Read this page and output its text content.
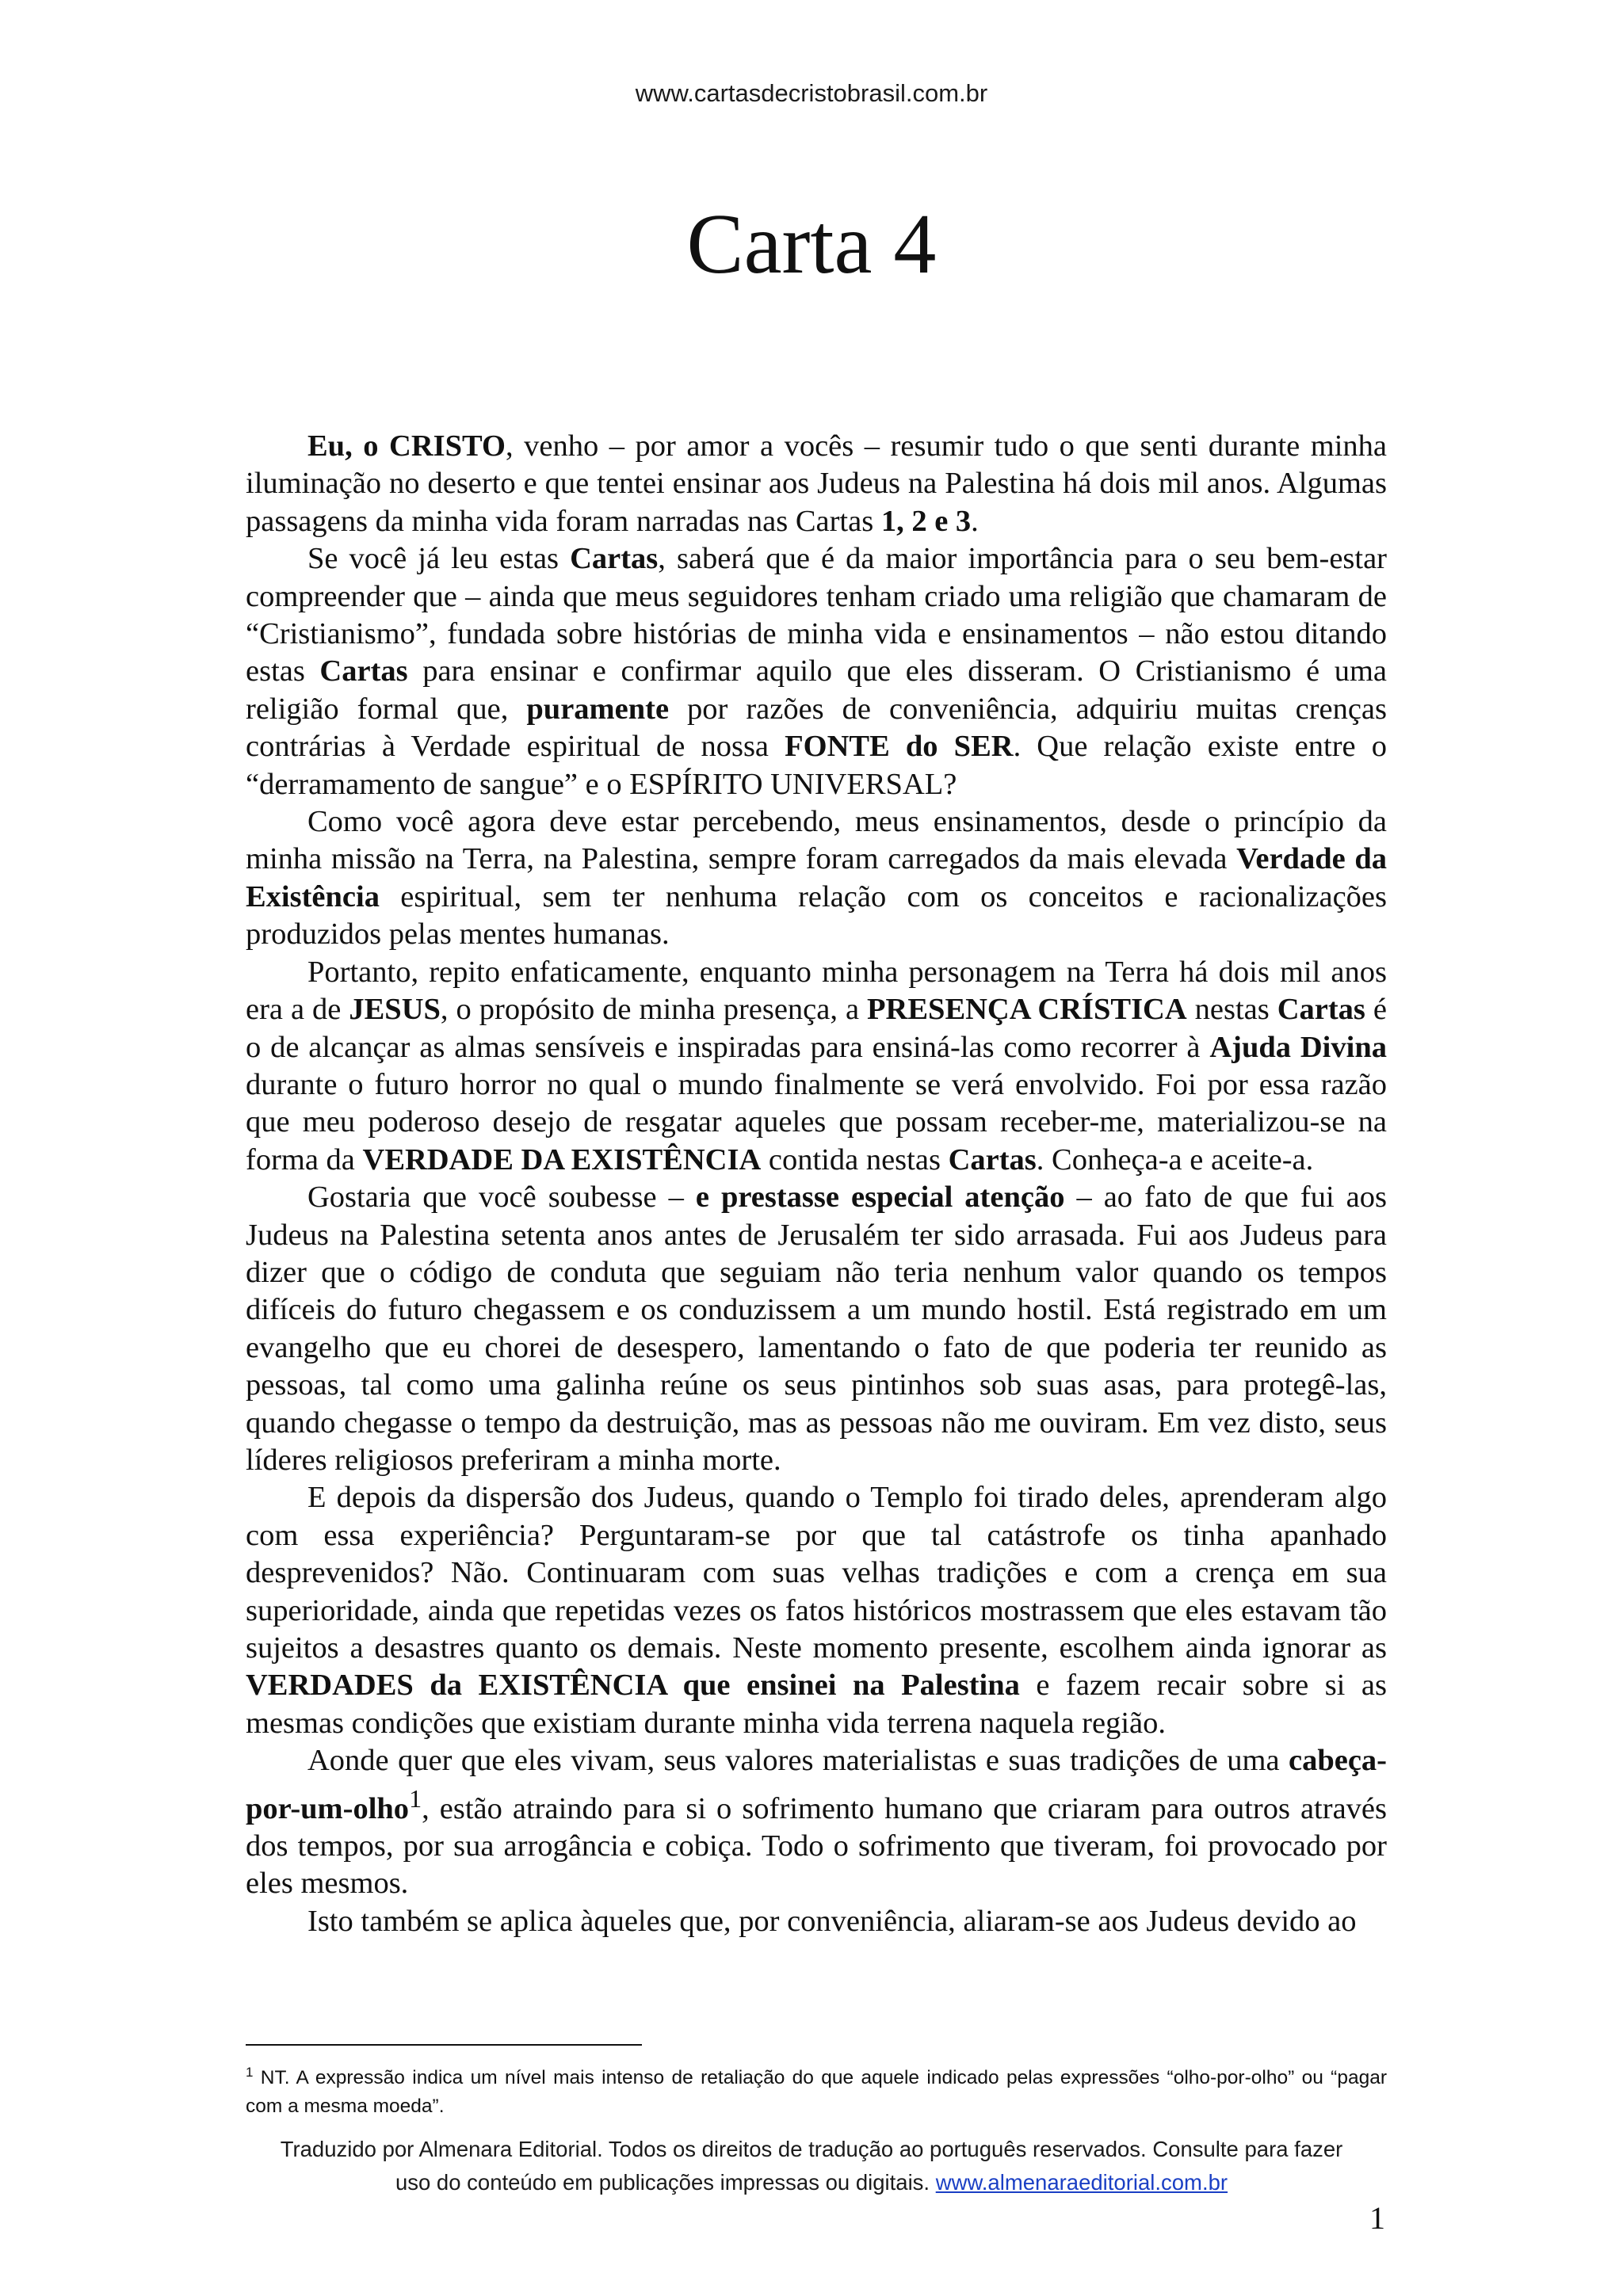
www.cartasdecristobrasil.com.br
Carta 4

Eu, o CRISTO, venho – por amor a vocês – resumir tudo o que senti durante minha iluminação no deserto e que tentei ensinar aos Judeus na Palestina há dois mil anos. Algumas passagens da minha vida foram narradas nas Cartas 1, 2 e 3.

Se você já leu estas Cartas, saberá que é da maior importância para o seu bem-estar compreender que – ainda que meus seguidores tenham criado uma religião que chamaram de “Cristianismo”, fundada sobre histórias de minha vida e ensinamentos – não estou ditando estas Cartas para ensinar e confirmar aquilo que eles disseram. O Cristianismo é uma religião formal que, puramente por razões de conveniência, adquiriu muitas crenças contrárias à Verdade espiritual de nossa FONTE do SER. Que relação existe entre o “derramamento de sangue” e o ESPÍRITO UNIVERSAL?

Como você agora deve estar percebendo, meus ensinamentos, desde o princípio da minha missão na Terra, na Palestina, sempre foram carregados da mais elevada Verdade da Existência espiritual, sem ter nenhuma relação com os conceitos e racionalizações produzidos pelas mentes humanas.

Portanto, repito enfaticamente, enquanto minha personagem na Terra há dois mil anos era a de JESUS, o propósito de minha presença, a PRESENÇA CRÍSTICA nestas Cartas é o de alcançar as almas sensíveis e inspiradas para ensiná-las como recorrer à Ajuda Divina durante o futuro horror no qual o mundo finalmente se verá envolvido. Foi por essa razão que meu poderoso desejo de resgatar aqueles que possam receber-me, materializou-se na forma da VERDADE DA EXISTÊNCIA contida nestas Cartas. Conheça-a e aceite-a.

Gostaria que você soubesse – e prestasse especial atenção – ao fato de que fui aos Judeus na Palestina setenta anos antes de Jerusalém ter sido arrasada. Fui aos Judeus para dizer que o código de conduta que seguiam não teria nenhum valor quando os tempos difíceis do futuro chegassem e os conduzissem a um mundo hostil. Está registrado em um evangelho que eu chorei de desespero, lamentando o fato de que poderia ter reunido as pessoas, tal como uma galinha reúne os seus pintinhos sob suas asas, para protegê-las, quando chegasse o tempo da destruição, mas as pessoas não me ouviram. Em vez disto, seus líderes religiosos preferiram a minha morte.

E depois da dispersão dos Judeus, quando o Templo foi tirado deles, aprenderam algo com essa experiência? Perguntaram-se por que tal catástrofe os tinha apanhado desprevenidos? Não. Continuaram com suas velhas tradições e com a crença em sua superioridade, ainda que repetidas vezes os fatos históricos mostrassem que eles estavam tão sujeitos a desastres quanto os demais. Neste momento presente, escolhem ainda ignorar as VERDADES da EXISTÊNCIA que ensinei na Palestina e fazem recair sobre si as mesmas condições que existiam durante minha vida terrena naquela região.

Aonde quer que eles vivam, seus valores materialistas e suas tradições de uma cabeça-por-um-olho$^1$, estão atraindo para si o sofrimento humano que criaram para outros através dos tempos, por sua arrogância e cobiça. Todo o sofrimento que tiveram, foi provocado por eles mesmos.

Isto também se aplica àqueles que, por conveniência, aliaram-se aos Judeus devido ao

$^1$ NT. A expressão indica um nível mais intenso de retaliação do que aquele indicado pelas expressões “olho-por-olho” ou “pagar com a mesma moeda”.
Traduzido por Almenara Editorial. Todos os direitos de tradução ao português reservados. Consulte para fazer
uso do conteúdo em publicações impressas ou digitais. www.almenaraeditorial.com.br
1
